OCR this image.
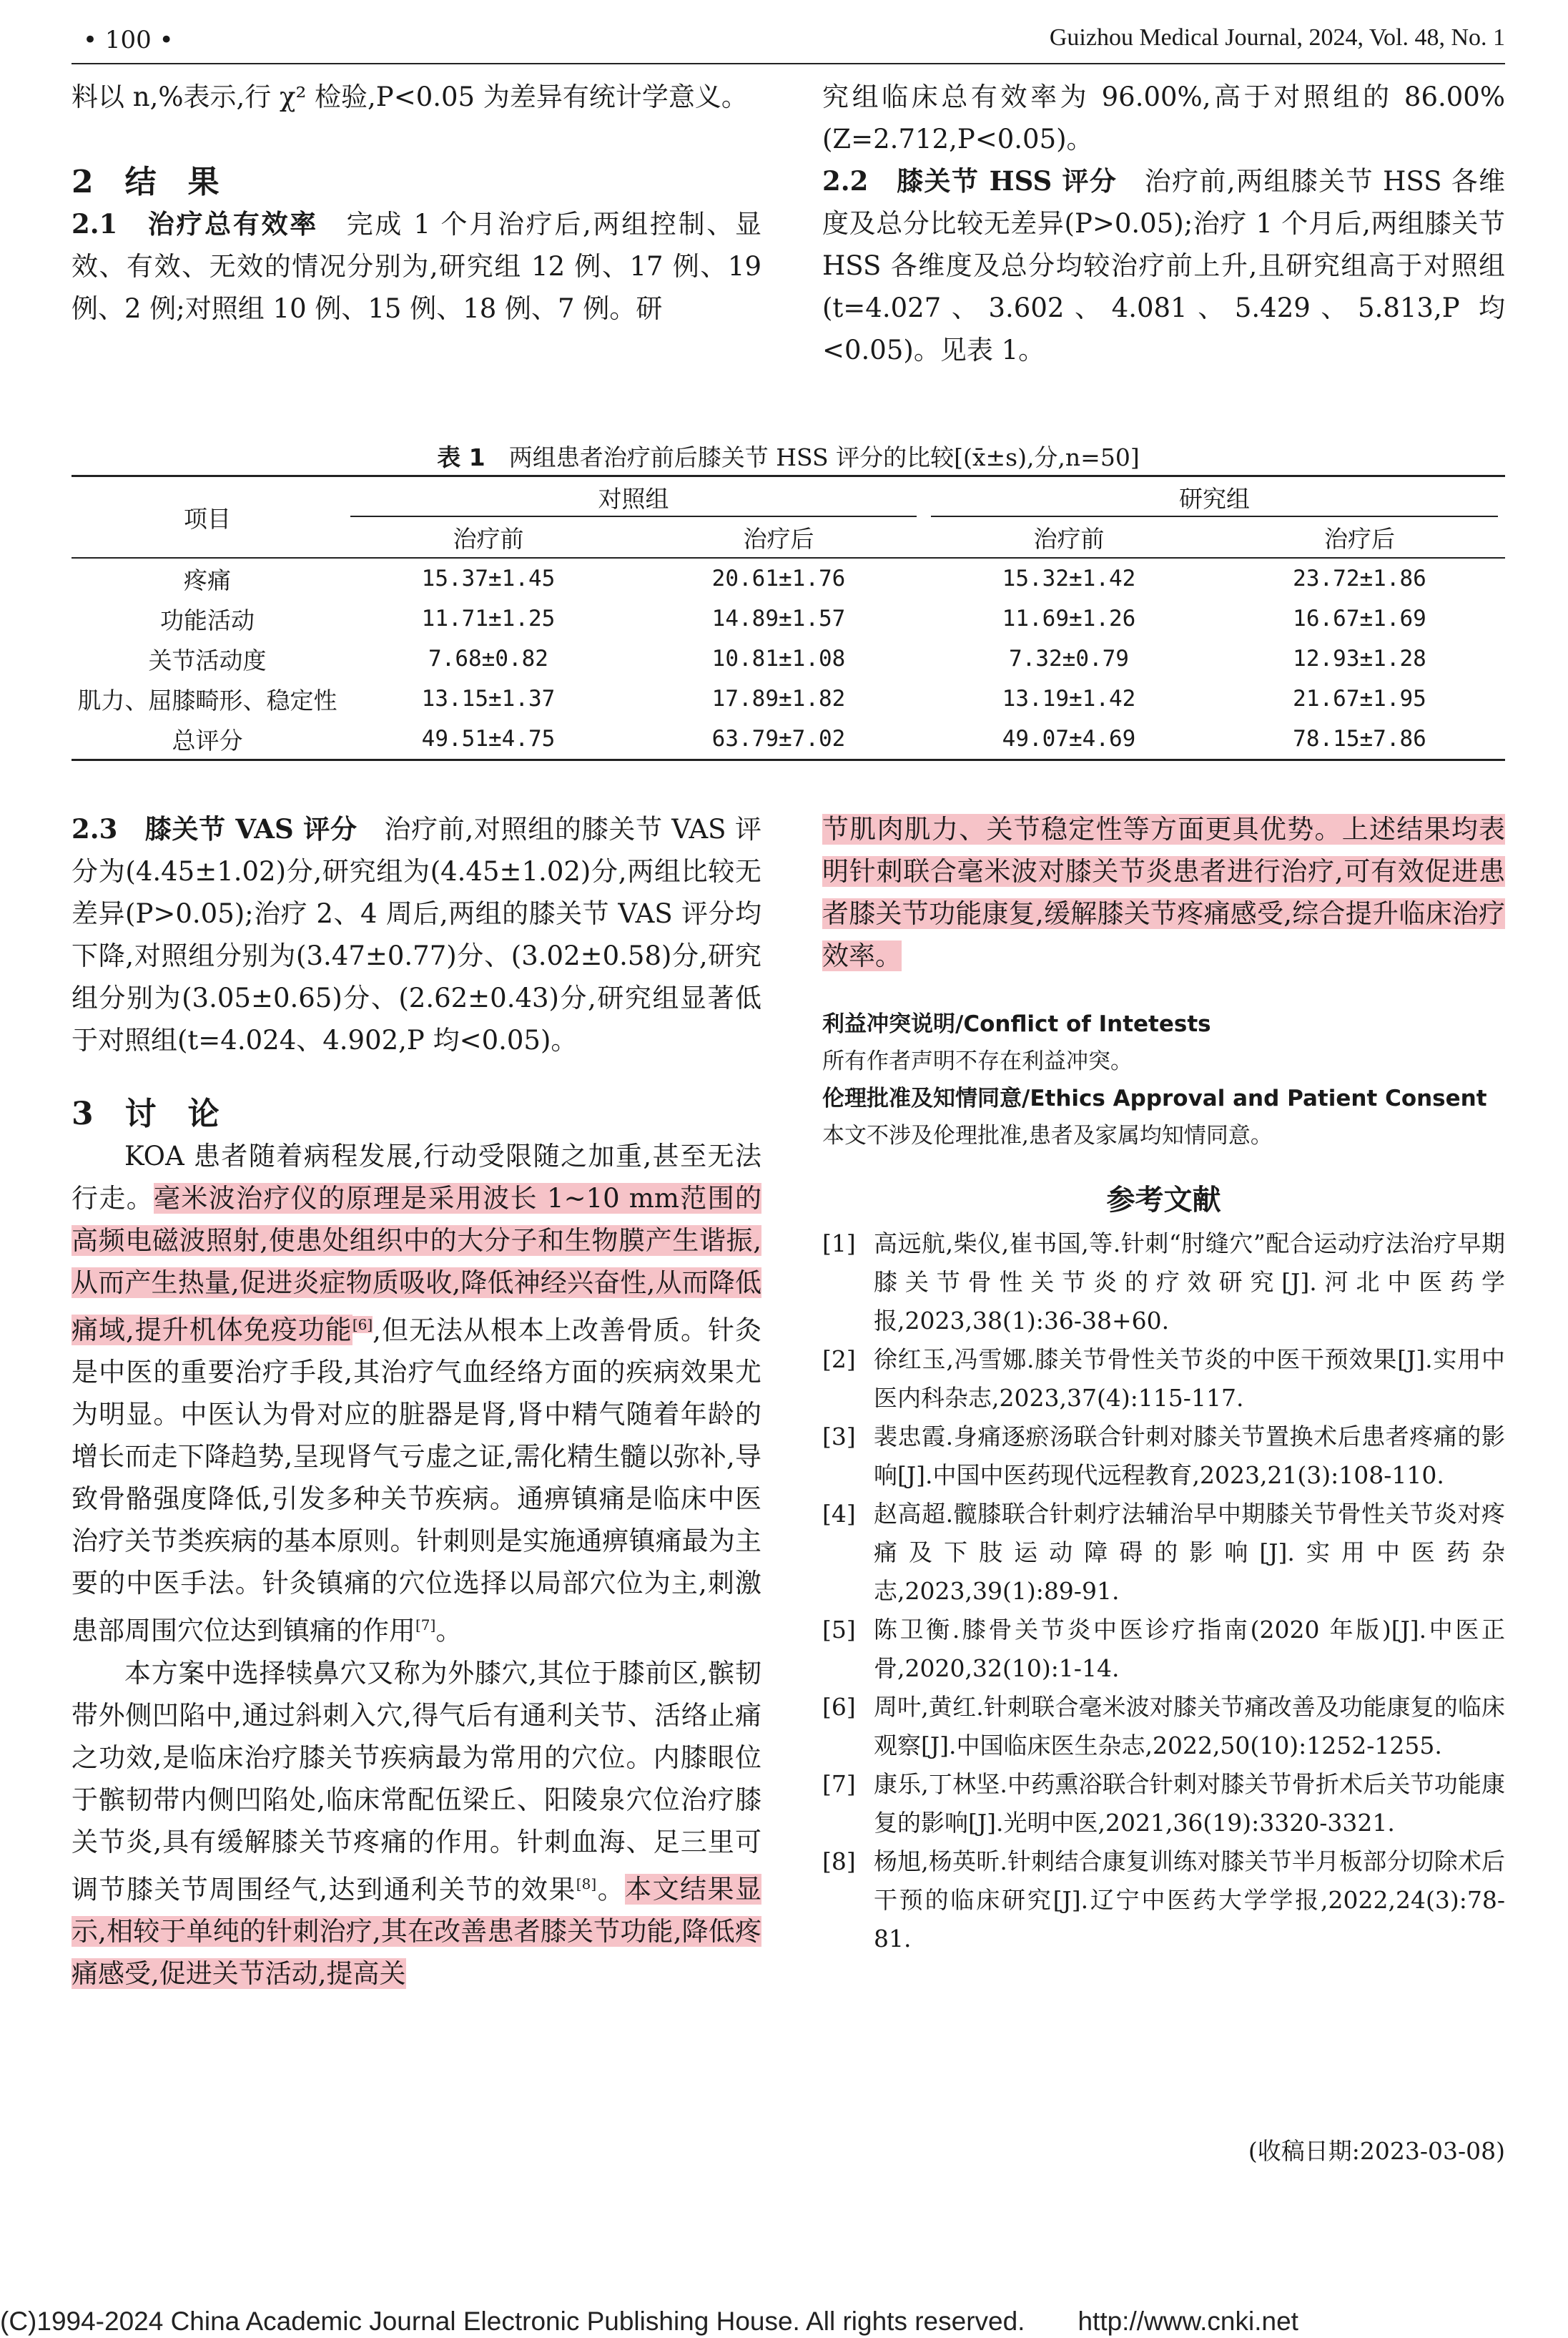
• 100 •	Guizhou Medical Journal, 2024, Vol. 48, No. 1

料以 n,%表示,行 χ² 检验,P<0.05 为差异有统计学意义。

2　结　果

2.1　治疗总有效率　完成 1 个月治疗后,两组控制、显效、有效、无效的情况分别为,研究组 12 例、17 例、19 例、2 例;对照组 10 例、15 例、18 例、7 例。研

究组临床总有效率为 96.00%,高于对照组的 86.00%(Z=2.712,P<0.05)。

2.2　膝关节 HSS 评分　治疗前,两组膝关节 HSS 各维度及总分比较无差异(P>0.05);治疗 1 个月后,两组膝关节 HSS 各维度及总分均较治疗前上升,且研究组高于对照组(t=4.027、3.602、4.081、5.429、5.813,P 均<0.05)。见表 1。

表 1　两组患者治疗前后膝关节 HSS 评分的比较[(x̄±s),分,n=50]
项目	对照组		研究组	
	治疗前	治疗后	治疗前	治疗后
疼痛	15.37±1.45	20.61±1.76	15.32±1.42	23.72±1.86
功能活动	11.71±1.25	14.89±1.57	11.69±1.26	16.67±1.69
关节活动度	7.68±0.82	10.81±1.08	7.32±0.79	12.93±1.28
肌力、屈膝畸形、稳定性	13.15±1.37	17.89±1.82	13.19±1.42	21.67±1.95
总评分	49.51±4.75	63.79±7.02	49.07±4.69	78.15±7.86

2.3　膝关节 VAS 评分　治疗前,对照组的膝关节 VAS 评分为(4.45±1.02)分,研究组为(4.45±1.02)分,两组比较无差异(P>0.05);治疗 2、4 周后,两组的膝关节 VAS 评分均下降,对照组分别为(3.47±0.77)分、(3.02±0.58)分,研究组分别为(3.05±0.65)分、(2.62±0.43)分,研究组显著低于对照组(t=4.024、4.902,P 均<0.05)。

3　讨　论

KOA 患者随着病程发展,行动受限随之加重,甚至无法行走。毫米波治疗仪的原理是采用波长 1~10 mm范围的高频电磁波照射,使患处组织中的大分子和生物膜产生谐振,从而产生热量,促进炎症物质吸收,降低神经兴奋性,从而降低痛域,提升机体免疫功能[6],但无法从根本上改善骨质。针灸是中医的重要治疗手段,其治疗气血经络方面的疾病效果尤为明显。中医认为骨对应的脏器是肾,肾中精气随着年龄的增长而走下降趋势,呈现肾气亏虚之证,需化精生髓以弥补,导致骨骼强度降低,引发多种关节疾病。通痹镇痛是临床中医治疗关节类疾病的基本原则。针刺则是实施通痹镇痛最为主要的中医手法。针灸镇痛的穴位选择以局部穴位为主,刺激患部周围穴位达到镇痛的作用[7]。

本方案中选择犊鼻穴又称为外膝穴,其位于膝前区,髌韧带外侧凹陷中,通过斜刺入穴,得气后有通利关节、活络止痛之功效,是临床治疗膝关节疾病最为常用的穴位。内膝眼位于髌韧带内侧凹陷处,临床常配伍梁丘、阳陵泉穴位治疗膝关节炎,具有缓解膝关节疼痛的作用。针刺血海、足三里可调节膝关节周围经气,达到通利关节的效果[8]。本文结果显示,相较于单纯的针刺治疗,其在改善患者膝关节功能,降低疼痛感受,促进关节活动,提高关

节肌肉肌力、关节稳定性等方面更具优势。上述结果均表明针刺联合毫米波对膝关节炎患者进行治疗,可有效促进患者膝关节功能康复,缓解膝关节疼痛感受,综合提升临床治疗效率。

利益冲突说明/Conflict of Intetests
所有作者声明不存在利益冲突。
伦理批准及知情同意/Ethics Approval and Patient Consent
本文不涉及伦理批准,患者及家属均知情同意。
参考文献
[1] 高远航,柴仪,崔书国,等.针刺“肘缝穴”配合运动疗法治疗早期膝关节骨性关节炎的疗效研究[J].河北中医药学报,2023,38(1):36-38+60.
[2] 徐红玉,冯雪娜.膝关节骨性关节炎的中医干预效果[J].实用中医内科杂志,2023,37(4):115-117.
[3] 裴忠霞.身痛逐瘀汤联合针刺对膝关节置换术后患者疼痛的影响[J].中国中医药现代远程教育,2023,21(3):108-110.
[4] 赵高超.髋膝联合针刺疗法辅治早中期膝关节骨性关节炎对疼痛及下肢运动障碍的影响[J].实用中医药杂志,2023,39(1):89-91.
[5] 陈卫衡.膝骨关节炎中医诊疗指南(2020 年版)[J].中医正骨,2020,32(10):1-14.
[6] 周叶,黄红.针刺联合毫米波对膝关节痛改善及功能康复的临床观察[J].中国临床医生杂志,2022,50(10):1252-1255.
[7] 康乐,丁林坚.中药熏浴联合针刺对膝关节骨折术后关节功能康复的影响[J].光明中医,2021,36(19):3320-3321.
[8] 杨旭,杨英昕.针刺结合康复训练对膝关节半月板部分切除术后干预的临床研究[J].辽宁中医药大学学报,2022,24(3):78-81.
(收稿日期:2023-03-08)
(C)1994-2024 China Academic Journal Electronic Publishing House. All rights reserved.　　http://www.cnki.net
